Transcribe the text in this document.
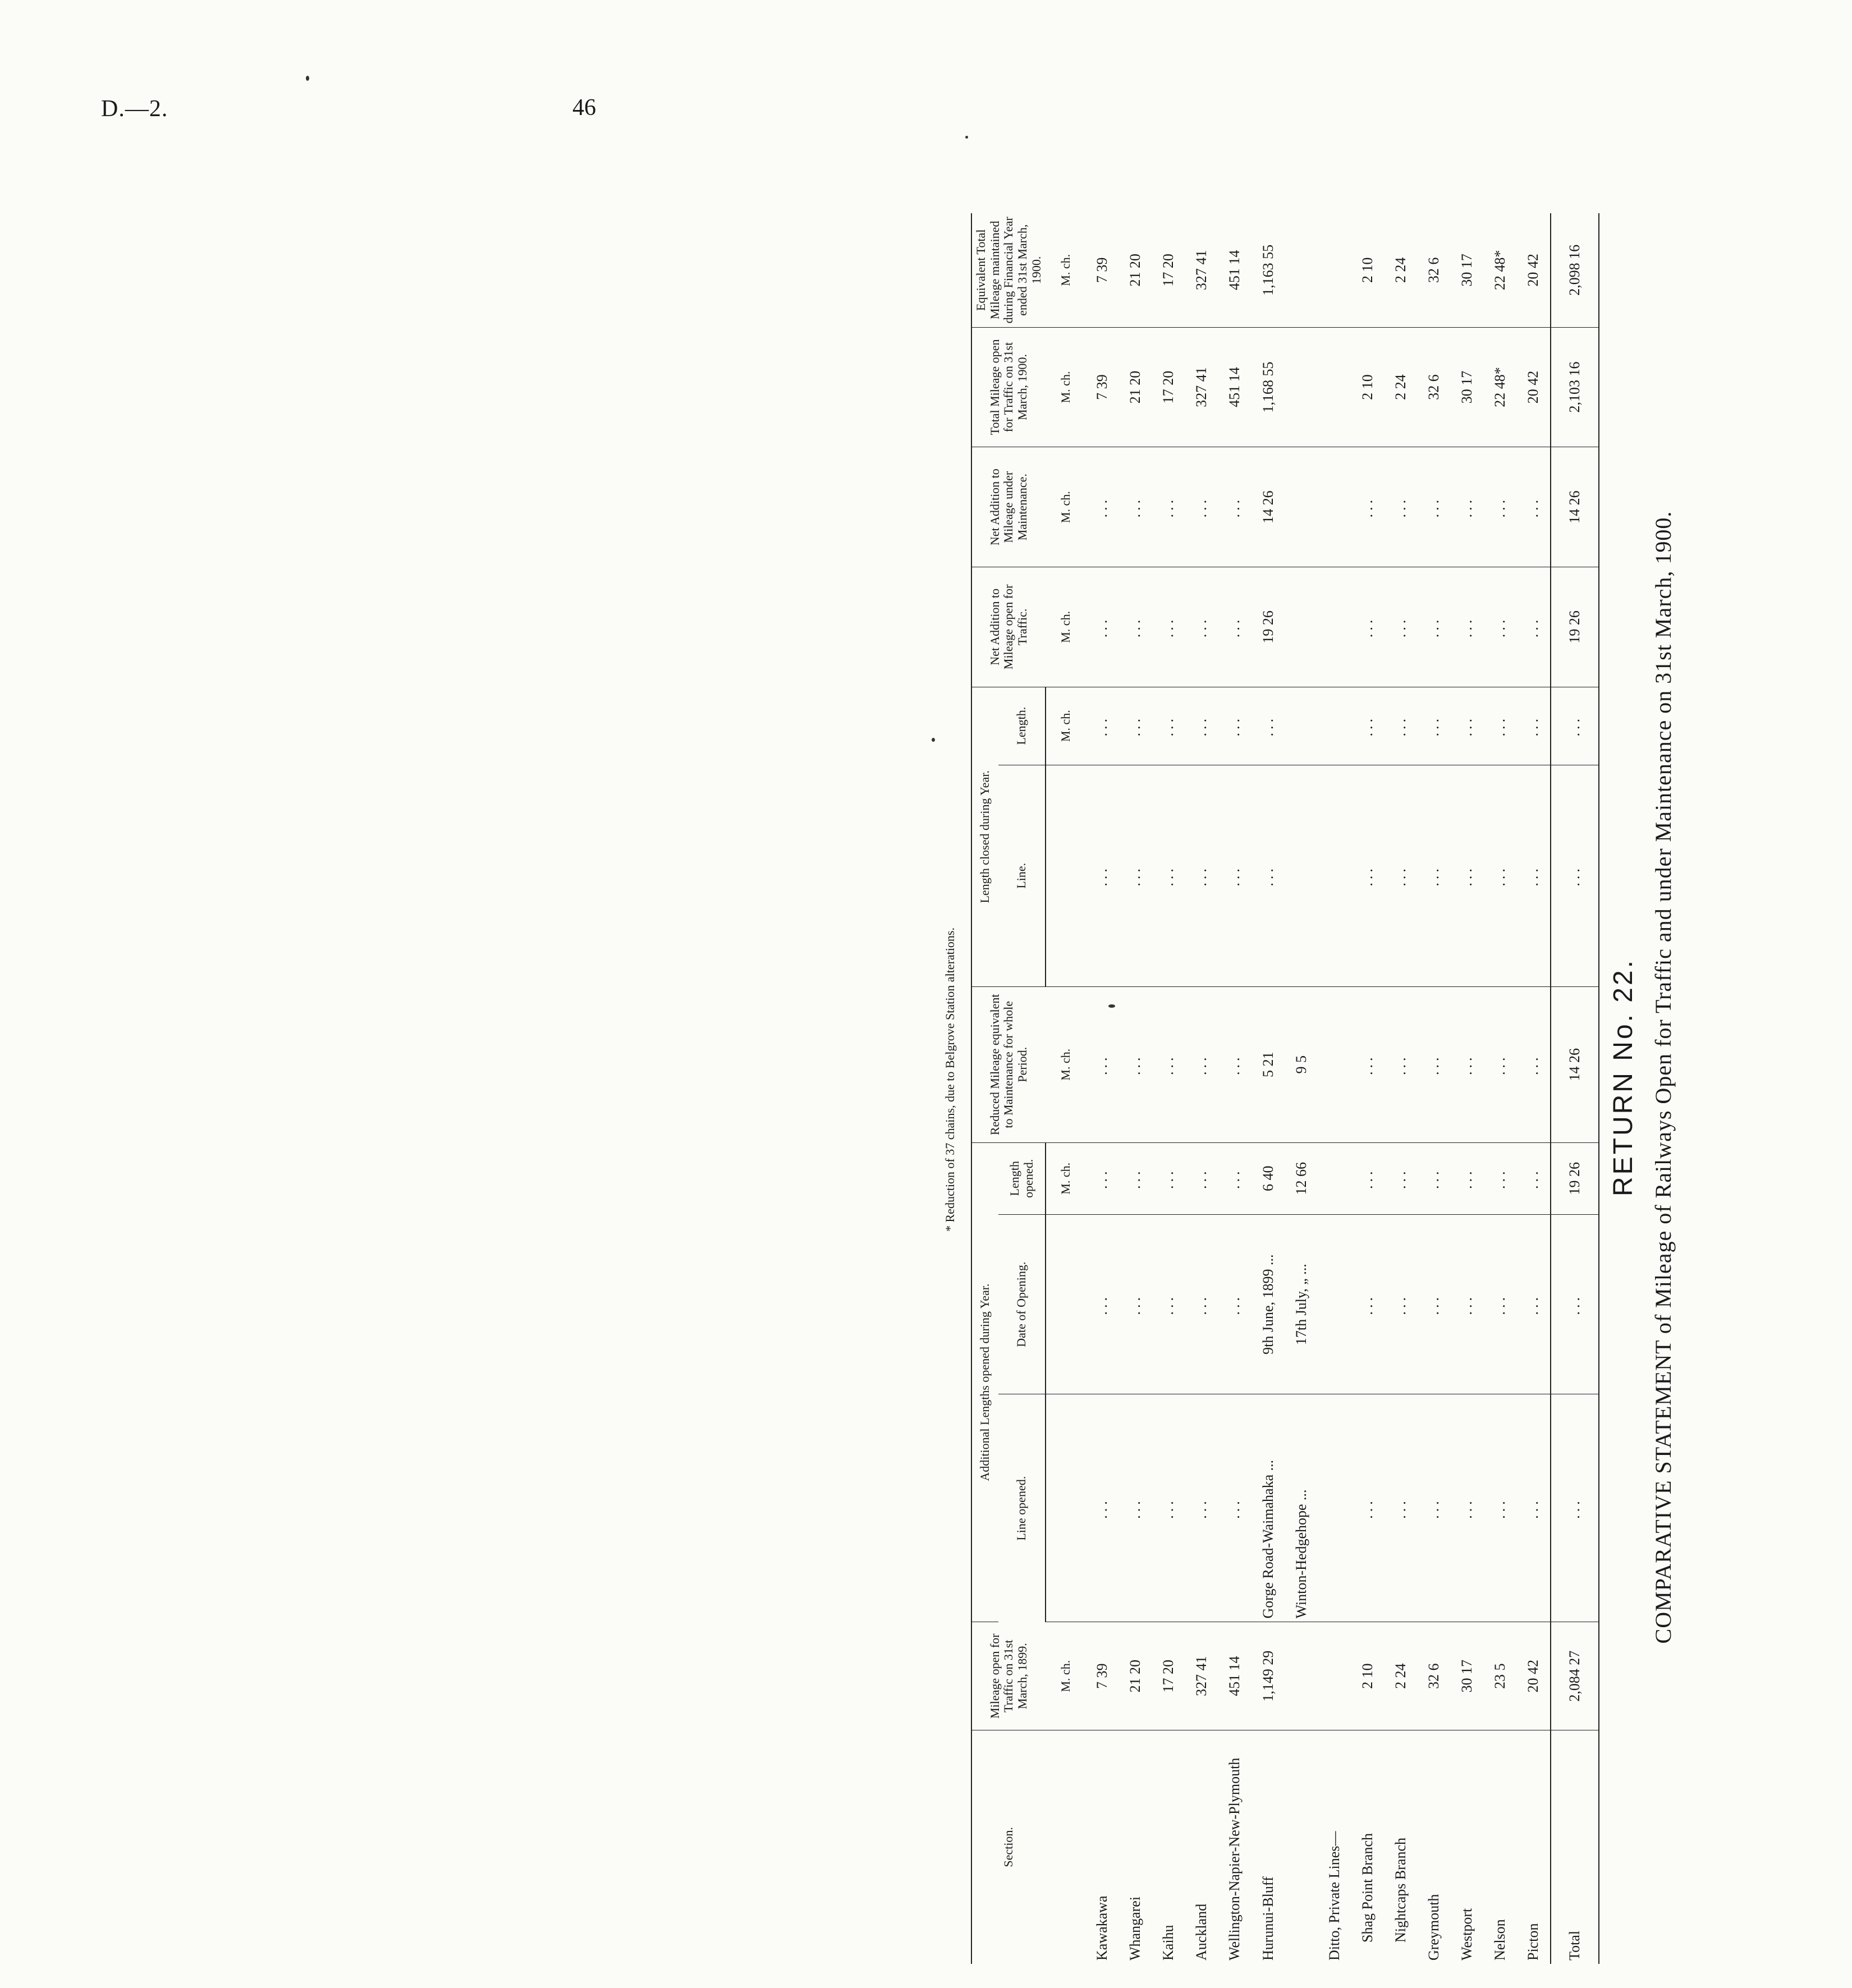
D.—2.	46
RETURN No. 22. COMPARATIVE STATEMENT of Mileage of Railways Open for Traffic and under Maintenance on 31st March, 1900.
Section.	Mileage open for Traffic on 31st March, 1899.	Additional Lengths opened during Year.			Reduced Mileage equivalent to Maintenance for whole Period.	Length closed during Year.		Net Addition to Mileage open for Traffic.	Net Addition to Mileage under Maintenance.	Total Mileage open for Traffic on 31st March, 1900.	Equivalent Total Mileage maintained during Financial Year ended 31st March, 1900.
		Line opened.	Date of Opening.	Length opened.		Line.	Length.				
	M. ch.			M. ch.	M. ch.		M. ch.	M. ch.	M. ch.	M. ch.	M. ch.
Kawakawa	7 39	...	...	...	...	...	...	...	...	7 39	7 39
Whangarei	21 20	...	...	...	...	...	...	...	...	21 20	21 20
Kaihu	17 20	...	...	...	...	...	...	...	...	17 20	17 20
Auckland	327 41	...	...	...	...	...	...	...	...	327 41	327 41
Wellington-Napier-New-Plymouth	451 14	...	...	...	...	...	...	...	...	451 14	451 14
Hurunui-Bluff	1,149 29	Gorge Road-Waimahaka ...	9th June, 1899 ...	6 40	5 21	...	...	19 26	14 26	1,168 55	1,163 55
		Winton-Hedgehope ...	17th July, „ ...	12 66	9 5						
Ditto, Private Lines—											
Shag Point Branch	2 10	...	...	...	...	...	...	...	...	2 10	2 10
Nightcaps Branch	2 24	...	...	...	...	...	...	...	...	2 24	2 24
Greymouth	32 6	...	...	...	...	...	...	...	...	32 6	32 6
Westport	30 17	...	...	...	...	...	...	...	...	30 17	30 17
Nelson	23 5	...	...	...	...	...	...	...	...	22 48*	22 48*
Picton	20 42	...	...	...	...	...	...	...	...	20 42	20 42
Total	2,084 27	...	...	19 26	14 26	...	...	19 26	14 26	2,103 16	2,098 16
* Reduction of 37 chains, due to Belgrove Station alterations.
